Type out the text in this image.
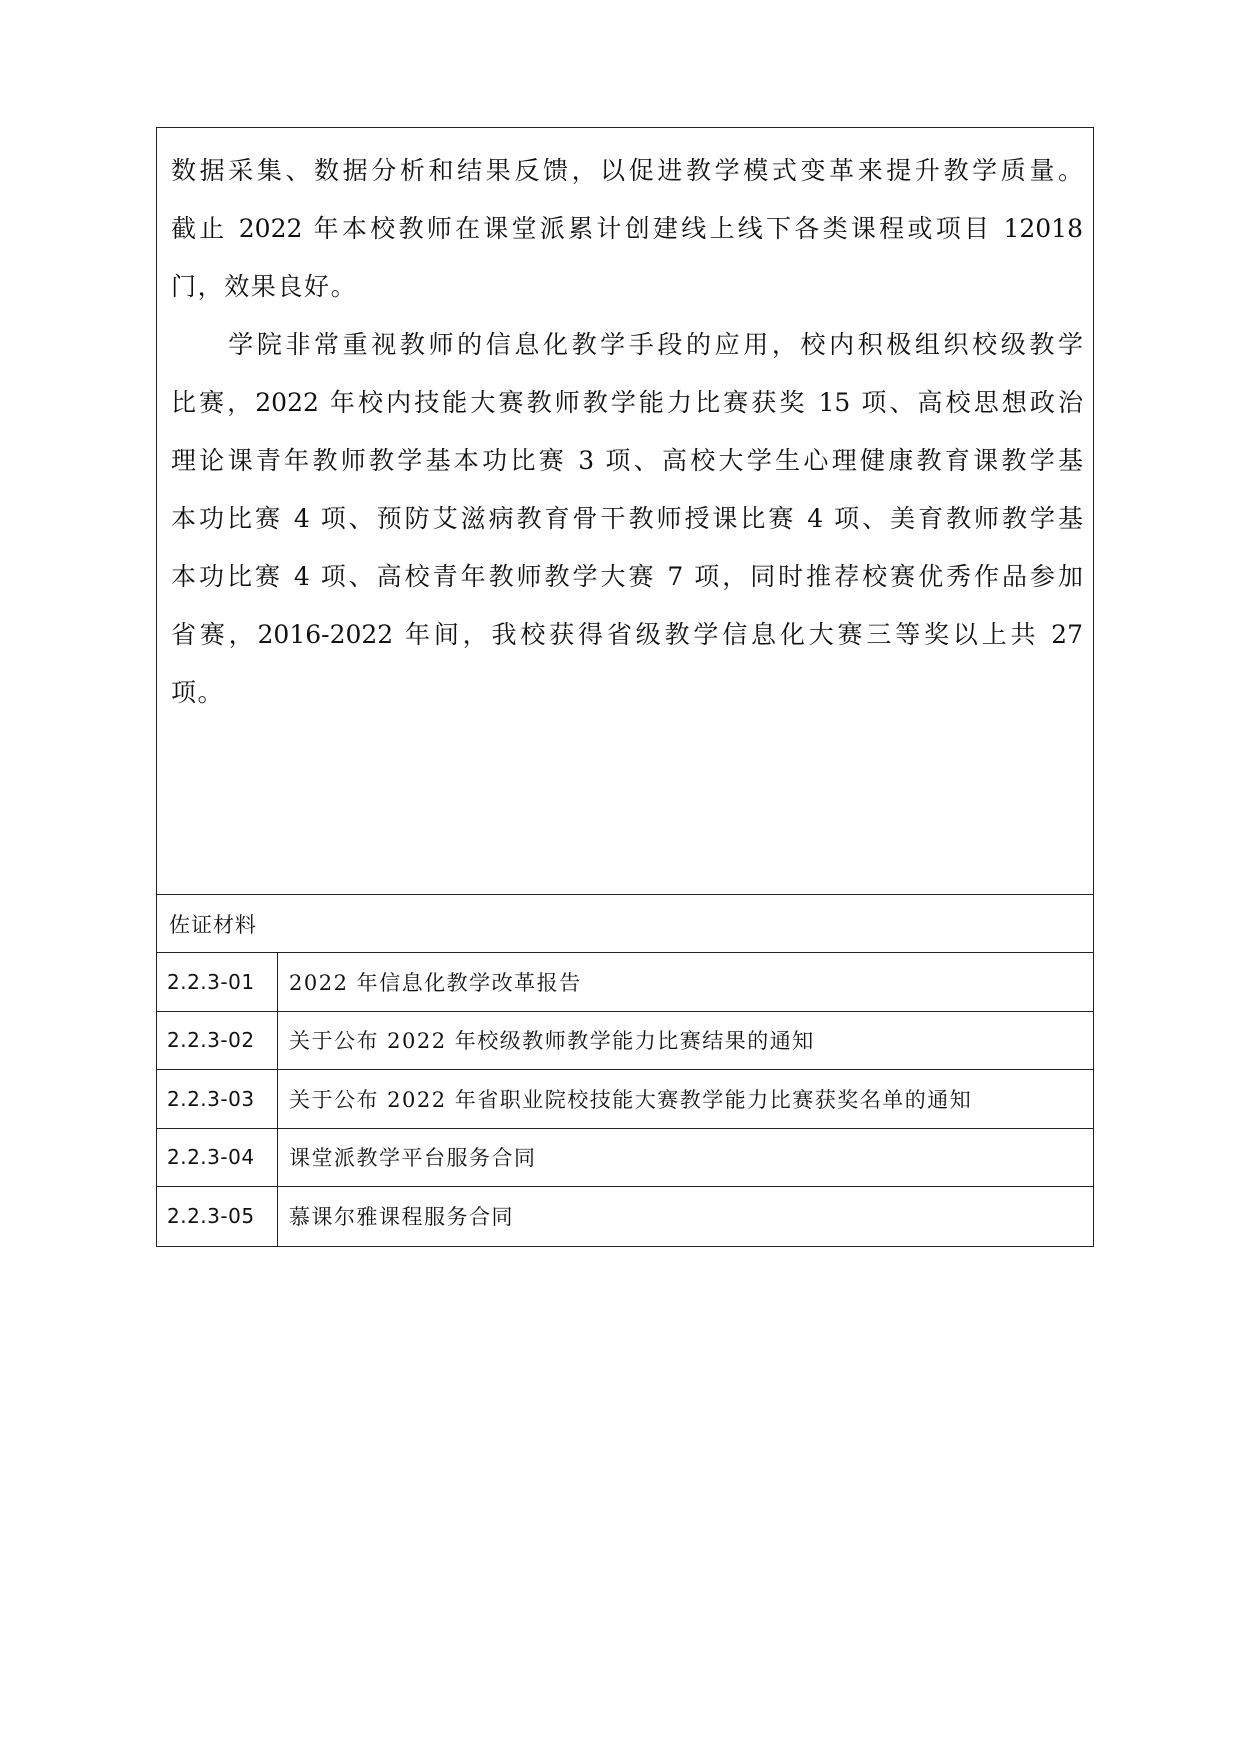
数据采集、数据分析和结果反馈，以促进教学模式变革来提升教学质量。
截止 2022 年本校教师在课堂派累计创建线上线下各类课程或项目 12018
门，效果良好。
　　学院非常重视教师的信息化教学手段的应用，校内积极组织校级教学
比赛，2022 年校内技能大赛教师教学能力比赛获奖 15 项、高校思想政治
理论课青年教师教学基本功比赛 3 项、高校大学生心理健康教育课教学基
本功比赛 4 项、预防艾滋病教育骨干教师授课比赛 4 项、美育教师教学基
本功比赛 4 项、高校青年教师教学大赛 7 项，同时推荐校赛优秀作品参加
省赛，2016-2022 年间，我校获得省级教学信息化大赛三等奖以上共 27
项。
佐证材料
2.2.3-01	2022 年信息化教学改革报告
2.2.3-02	关于公布 2022 年校级教师教学能力比赛结果的通知
2.2.3-03	关于公布 2022 年省职业院校技能大赛教学能力比赛获奖名单的通知
2.2.3-04	课堂派教学平台服务合同
2.2.3-05	慕课尔雅课程服务合同
